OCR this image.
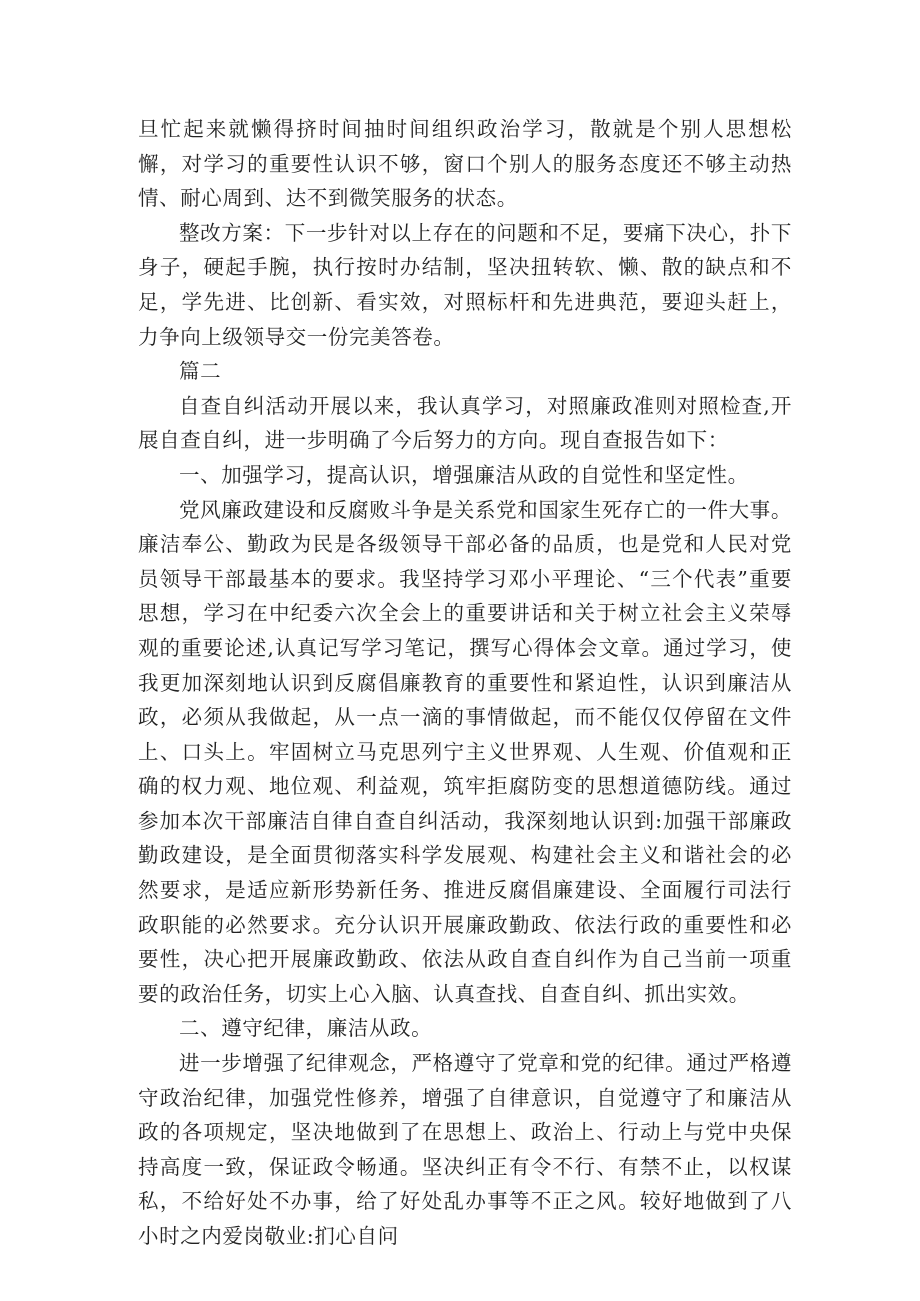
旦忙起来就懒得挤时间抽时间组织政治学习，散就是个别人思想松懈，对学习的重要性认识不够，窗口个别人的服务态度还不够主动热情、耐心周到、达不到微笑服务的状态。

整改方案：下一步针对以上存在的问题和不足，要痛下决心，扑下身子，硬起手腕，执行按时办结制，坚决扭转软、懒、散的缺点和不足，学先进、比创新、看实效，对照标杆和先进典范，要迎头赶上，力争向上级领导交一份完美答卷。

篇二

自查自纠活动开展以来，我认真学习，对照廉政准则对照检查,开展自查自纠，进一步明确了今后努力的方向。现自查报告如下：

一、加强学习，提高认识，增强廉洁从政的自觉性和坚定性。

党风廉政建设和反腐败斗争是关系党和国家生死存亡的一件大事。廉洁奉公、勤政为民是各级领导干部必备的品质，也是党和人民对党员领导干部最基本的要求。我坚持学习邓小平理论、“三个代表”重要思想，学习在中纪委六次全会上的重要讲话和关于树立社会主义荣辱观的重要论述,认真记写学习笔记，撰写心得体会文章。通过学习，使我更加深刻地认识到反腐倡廉教育的重要性和紧迫性，认识到廉洁从政，必须从我做起，从一点一滴的事情做起，而不能仅仅停留在文件上、口头上。牢固树立马克思列宁主义世界观、人生观、价值观和正确的权力观、地位观、利益观，筑牢拒腐防变的思想道德防线。通过参加本次干部廉洁自律自查自纠活动，我深刻地认识到:加强干部廉政勤政建设，是全面贯彻落实科学发展观、构建社会主义和谐社会的必然要求，是适应新形势新任务、推进反腐倡廉建设、全面履行司法行政职能的必然要求。充分认识开展廉政勤政、依法行政的重要性和必要性，决心把开展廉政勤政、依法从政自查自纠作为自己当前一项重要的政治任务，切实上心入脑、认真查找、自查自纠、抓出实效。

二、遵守纪律，廉洁从政。

进一步增强了纪律观念，严格遵守了党章和党的纪律。通过严格遵守政治纪律，加强党性修养，增强了自律意识，自觉遵守了和廉洁从政的各项规定，坚决地做到了在思想上、政治上、行动上与党中央保持高度一致，保证政令畅通。坚决纠正有令不行、有禁不止，以权谋私，不给好处不办事，给了好处乱办事等不正之风。较好地做到了八小时之内爱岗敬业:扪心自问
